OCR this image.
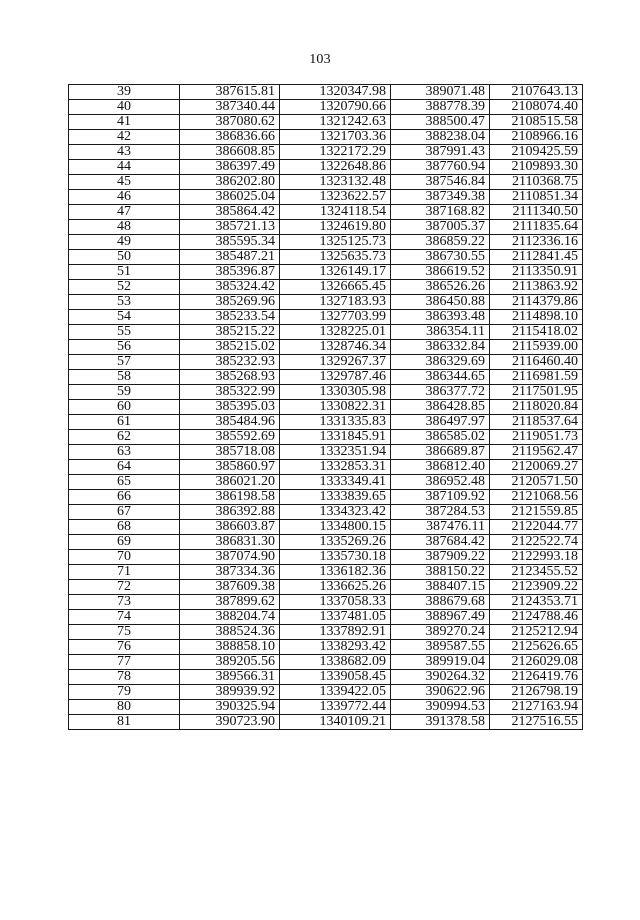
103
39	387615.81	1320347.98	389071.48	2107643.13
40	387340.44	1320790.66	388778.39	2108074.40
41	387080.62	1321242.63	388500.47	2108515.58
42	386836.66	1321703.36	388238.04	2108966.16
43	386608.85	1322172.29	387991.43	2109425.59
44	386397.49	1322648.86	387760.94	2109893.30
45	386202.80	1323132.48	387546.84	2110368.75
46	386025.04	1323622.57	387349.38	2110851.34
47	385864.42	1324118.54	387168.82	2111340.50
48	385721.13	1324619.80	387005.37	2111835.64
49	385595.34	1325125.73	386859.22	2112336.16
50	385487.21	1325635.73	386730.55	2112841.45
51	385396.87	1326149.17	386619.52	2113350.91
52	385324.42	1326665.45	386526.26	2113863.92
53	385269.96	1327183.93	386450.88	2114379.86
54	385233.54	1327703.99	386393.48	2114898.10
55	385215.22	1328225.01	386354.11	2115418.02
56	385215.02	1328746.34	386332.84	2115939.00
57	385232.93	1329267.37	386329.69	2116460.40
58	385268.93	1329787.46	386344.65	2116981.59
59	385322.99	1330305.98	386377.72	2117501.95
60	385395.03	1330822.31	386428.85	2118020.84
61	385484.96	1331335.83	386497.97	2118537.64
62	385592.69	1331845.91	386585.02	2119051.73
63	385718.08	1332351.94	386689.87	2119562.47
64	385860.97	1332853.31	386812.40	2120069.27
65	386021.20	1333349.41	386952.48	2120571.50
66	386198.58	1333839.65	387109.92	2121068.56
67	386392.88	1334323.42	387284.53	2121559.85
68	386603.87	1334800.15	387476.11	2122044.77
69	386831.30	1335269.26	387684.42	2122522.74
70	387074.90	1335730.18	387909.22	2122993.18
71	387334.36	1336182.36	388150.22	2123455.52
72	387609.38	1336625.26	388407.15	2123909.22
73	387899.62	1337058.33	388679.68	2124353.71
74	388204.74	1337481.05	388967.49	2124788.46
75	388524.36	1337892.91	389270.24	2125212.94
76	388858.10	1338293.42	389587.55	2125626.65
77	389205.56	1338682.09	389919.04	2126029.08
78	389566.31	1339058.45	390264.32	2126419.76
79	389939.92	1339422.05	390622.96	2126798.19
80	390325.94	1339772.44	390994.53	2127163.94
81	390723.90	1340109.21	391378.58	2127516.55
